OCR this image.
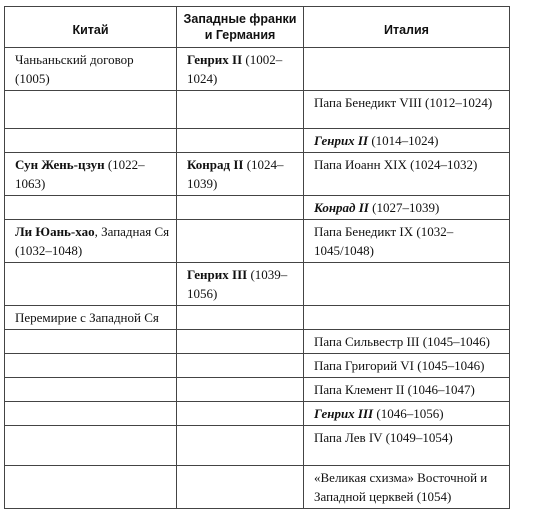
Китай	Западные франки и Германия	Италия
Чаньаньский договор (1005)	Генрих II (1002–1024)	
		Папа Бенедикт VIII (1012–1024)
		Генрих II (1014–1024)
Сун Жень-цзун (1022–1063)	Конрад II (1024–1039)	Папа Иоанн XIX (1024–1032)
		Конрад II (1027–1039)
Ли Юань-хао, Западная Ся (1032–1048)		Папа Бенедикт IX (1032–1045/1048)
	Генрих III (1039–1056)	
Перемирие с Западной Ся		
		Папа Сильвестр III (1045–1046)
		Папа Григорий VI (1045–1046)
		Папа Клемент II (1046–1047)
		Генрих III (1046–1056)
		Папа Лев IV (1049–1054)
		«Великая схизма» Восточной и Западной церквей (1054)
